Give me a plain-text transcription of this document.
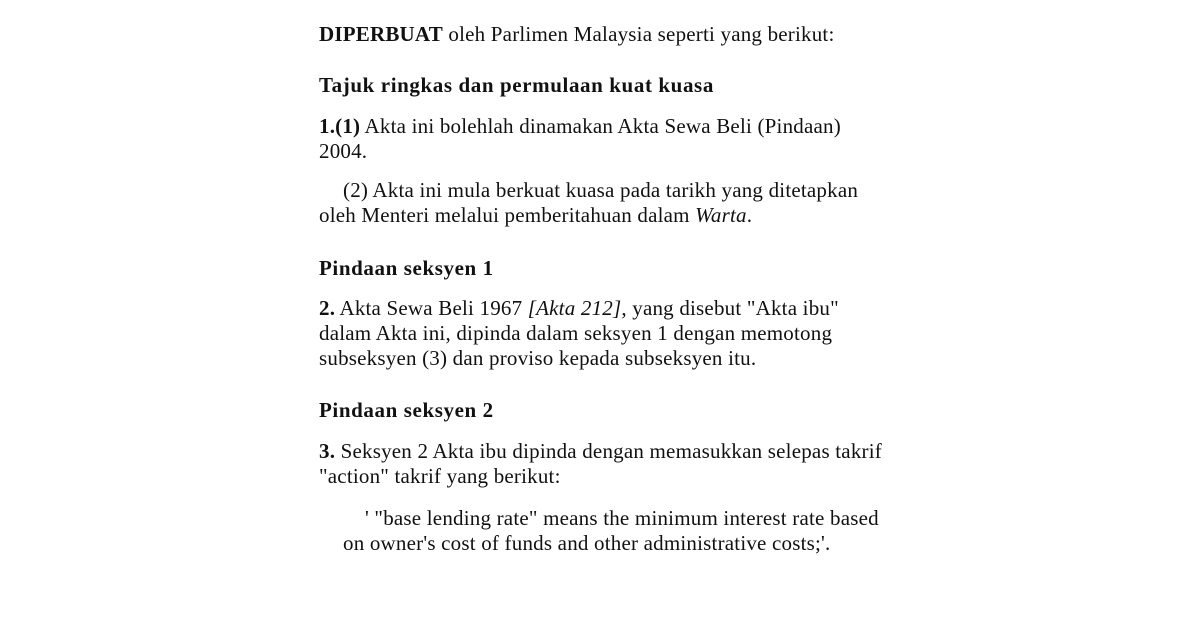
DIPERBUAT oleh Parlimen Malaysia seperti yang berikut:
Tajuk ringkas dan permulaan kuat kuasa
1.(1) Akta ini bolehlah dinamakan Akta Sewa Beli (Pindaan)
2004.
(2) Akta ini mula berkuat kuasa pada tarikh yang ditetapkan
oleh Menteri melalui pemberitahuan dalam Warta.
Pindaan seksyen 1
2. Akta Sewa Beli 1967 [Akta 212], yang disebut "Akta ibu"
dalam Akta ini, dipinda dalam seksyen 1 dengan memotong
subseksyen (3) dan proviso kepada subseksyen itu.
Pindaan seksyen 2
3. Seksyen 2 Akta ibu dipinda dengan memasukkan selepas takrif
"action" takrif yang berikut:
' "base lending rate" means the minimum interest rate based
on owner's cost of funds and other administrative costs;'.
